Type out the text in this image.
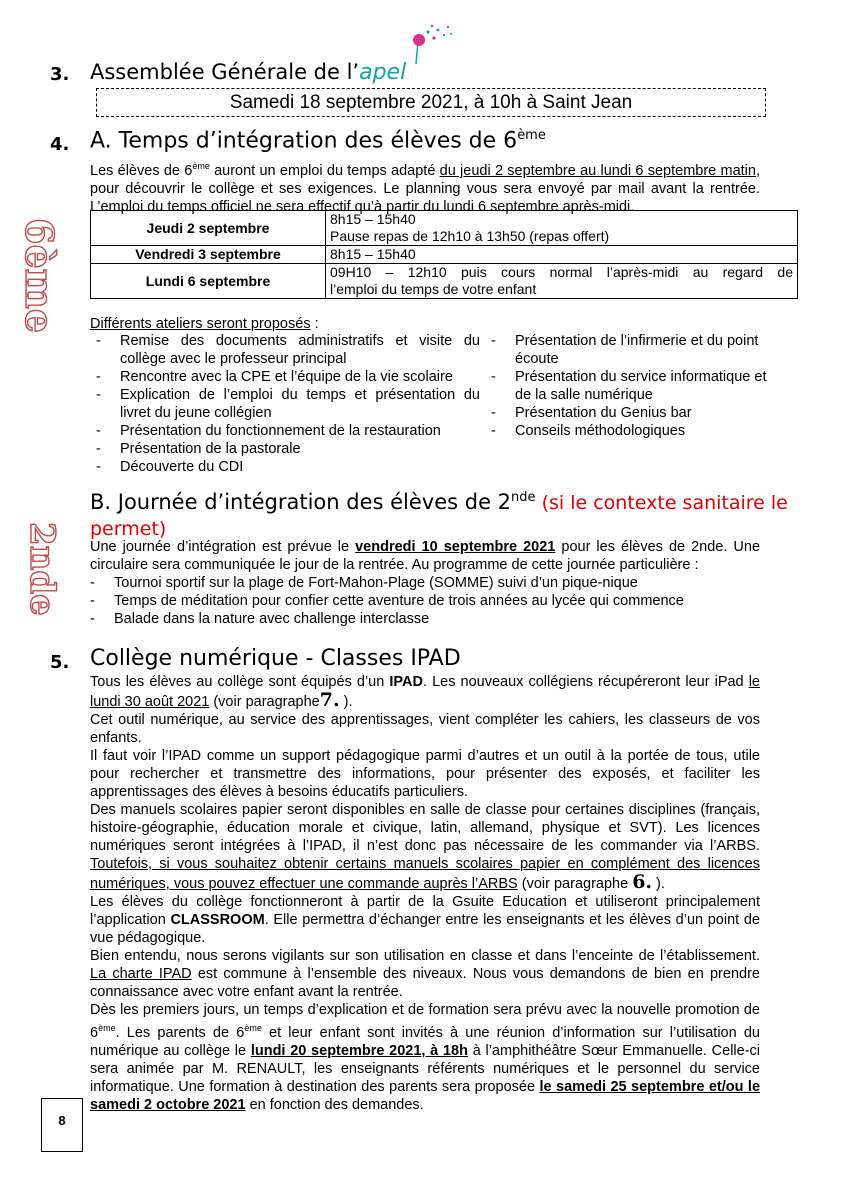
3. Assemblée Générale de l’apel
Samedi 18 septembre 2021, à 10h à Saint Jean
4. A. Temps d’intégration des élèves de 6ème
6ème

Les élèves de 6ème auront un emploi du temps adapté du jeudi 2 septembre au lundi 6 septembre matin, pour découvrir le collège et ses exigences. Le planning vous sera envoyé par mail avant la rentrée. L’emploi du temps officiel ne sera effectif qu’à partir du lundi 6 septembre après-midi.

Jeudi 2 septembre	8h15 – 15h40
Pause repas de 12h10 à 13h50 (repas offert)

Vendredi 3 septembre	8h15 – 15h40
Lundi 6 septembre	09H10 – 12h10 puis cours normal l’après-midi au regard de
l’emploi du temps de votre enfant
Différents ateliers seront proposés :
- Remise des documents administratifs et visite du collège avec le professeur principal
- Rencontre avec la CPE et l’équipe de la vie scolaire
- Explication de l’emploi du temps et présentation du livret du jeune collégien
- Présentation du fonctionnement de la restauration
- Présentation de la pastorale
- Découverte du CDI
- Présentation de l’infirmerie et du point écoute
- Présentation du service informatique et de la salle numérique
- Présentation du Genius bar
- Conseils méthodologiques
B. Journée d’intégration des élèves de 2nde (si le contexte sanitaire le permet)
2nde Une journée d’intégration est prévue le vendredi 10 septembre 2021 pour les élèves de 2nde. Une circulaire sera communiquée le jour de la rentrée. Au programme de cette journée particulière :

- Tournoi sportif sur la plage de Fort-Mahon-Plage (SOMME) suivi d’un pique-nique
- Temps de méditation pour confier cette aventure de trois années au lycée qui commence
- Balade dans la nature avec challenge interclasse
5. Collège numérique - Classes IPAD

Tous les élèves au collège sont équipés d’un IPAD. Les nouveaux collégiens récupéreront leur iPad le lundi 30 août 2021 (voir paragraphe7. ).

Cet outil numérique, au service des apprentissages, vient compléter les cahiers, les classeurs de vos enfants.

Il faut voir l’IPAD comme un support pédagogique parmi d’autres et un outil à la portée de tous, utile pour rechercher et transmettre des informations, pour présenter des exposés, et faciliter les apprentissages des élèves à besoins éducatifs particuliers.

Des manuels scolaires papier seront disponibles en salle de classe pour certaines disciplines (français, histoire-géographie, éducation morale et civique, latin, allemand, physique et SVT). Les licences numériques seront intégrées à l’IPAD, il n’est donc pas nécessaire de les commander via l’ARBS. Toutefois, si vous souhaitez obtenir certains manuels scolaires papier en complément des licences numériques, vous pouvez effectuer une commande auprès l’ARBS (voir paragraphe 6. ).

Les élèves du collège fonctionneront à partir de la Gsuite Education et utiliseront principalement l’application CLASSROOM. Elle permettra d’échanger entre les enseignants et les élèves d’un point de vue pédagogique.

Bien entendu, nous serons vigilants sur son utilisation en classe et dans l’enceinte de l’établissement. La charte IPAD est commune à l’ensemble des niveaux. Nous vous demandons de bien en prendre connaissance avec votre enfant avant la rentrée.

Dès les premiers jours, un temps d’explication et de formation sera prévu avec la nouvelle promotion de 6ème. Les parents de 6ème et leur enfant sont invités à une réunion d’information sur l’utilisation du numérique au collège le lundi 20 septembre 2021, à 18h à l’amphithéâtre Sœur Emmanuelle. Celle-ci sera animée par M. RENAULT, les enseignants référents numériques et le personnel du service informatique. Une formation à destination des parents sera proposée le samedi 25 septembre et/ou le samedi 2 octobre 2021 en fonction des demandes.

8
